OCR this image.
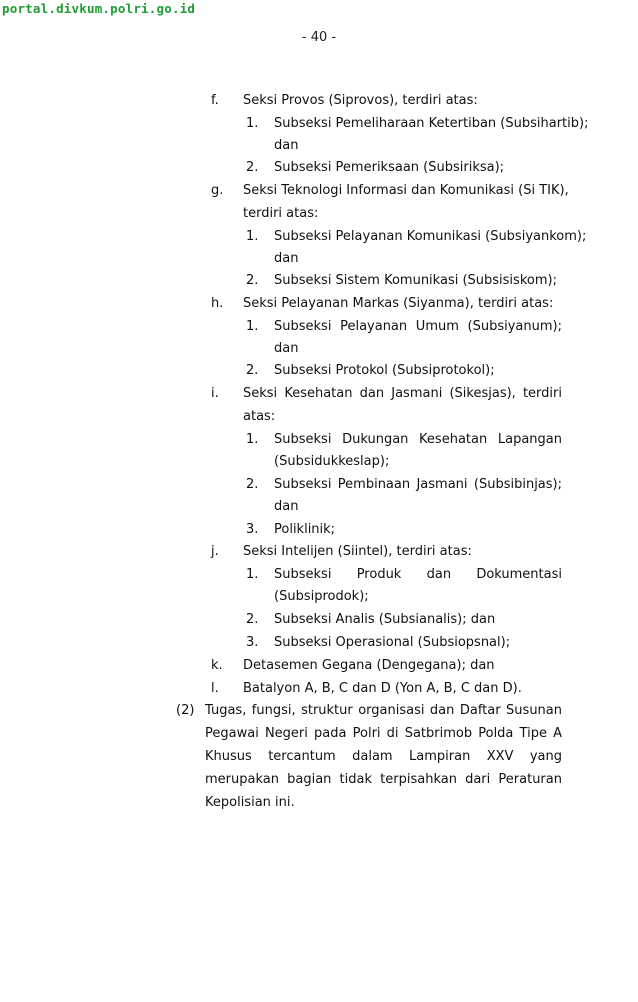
portal.divkum.polri.go.id
- 40 -
f. Seksi Provos (Siprovos), terdiri atas:
1. Subseksi Pemeliharaan Ketertiban (Subsihartib);
dan
2. Subseksi Pemeriksaan (Subsiriksa);
g. Seksi Teknologi Informasi dan Komunikasi (Si TIK),
terdiri atas:
1. Subseksi Pelayanan Komunikasi (Subsiyankom);
dan
2. Subseksi Sistem Komunikasi (Subsisiskom);
h. Seksi Pelayanan Markas (Siyanma), terdiri atas:
1. Subseksi Pelayanan Umum (Subsiyanum);
dan
2. Subseksi Protokol (Subsiprotokol);
i. Seksi Kesehatan dan Jasmani (Sikesjas), terdiri
atas:
1. Subseksi Dukungan Kesehatan Lapangan
(Subsidukkeslap);
2. Subseksi Pembinaan Jasmani (Subsibinjas);
dan
3. Poliklinik;
j. Seksi Intelijen (Siintel), terdiri atas:
1. Subseksi Produk dan Dokumentasi
(Subsiprodok);
2. Subseksi Analis (Subsianalis); dan
3. Subseksi Operasional (Subsiopsnal);
k. Detasemen Gegana (Dengegana); dan
l. Batalyon A, B, C dan D (Yon A, B, C dan D).
(2) Tugas, fungsi, struktur organisasi dan Daftar Susunan
Pegawai Negeri pada Polri di Satbrimob Polda Tipe A
Khusus tercantum dalam Lampiran XXV yang
merupakan bagian tidak terpisahkan dari Peraturan
Kepolisian ini.
